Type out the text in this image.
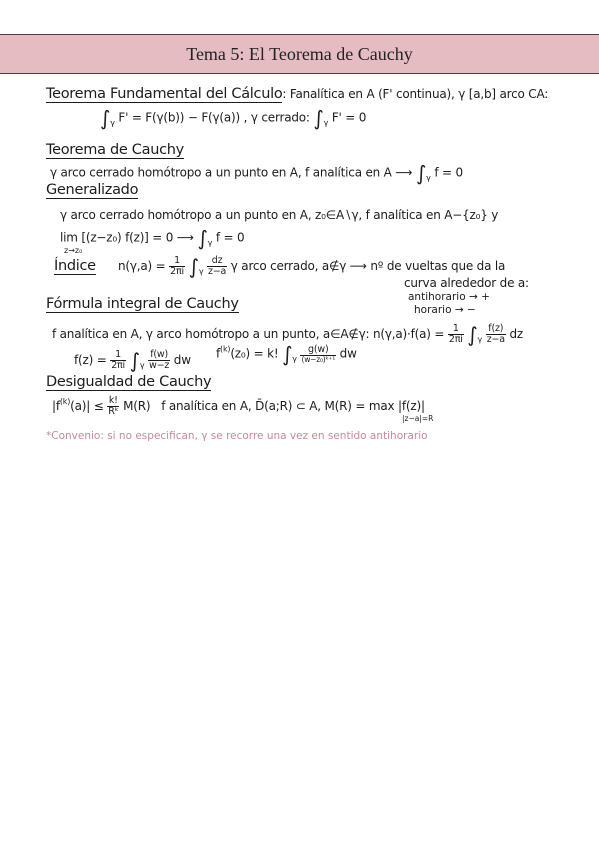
Tema 5: El Teorema de Cauchy
Teorema Fundamental del Cálculo: Fanalítica en A (F' continua), γ [a,b] arco CA:
$\int_\gamma$ F' = F(γ(b)) − F(γ(a)) , γ cerrado: $\int_\gamma$ F' = 0
Teorema de Cauchy
γ arco cerrado homótropo a un punto en A, f analítica en A ⟶ $\int_\gamma$ f = 0
Generalizado
γ arco cerrado homótropo a un punto en A, z₀∈A∖γ, f analítica en A−{z₀} y
lim [(z−z₀) f(z)] = 0 ⟶ $\int_\gamma$ f = 0
z→z₀
Índice $n(\gamma,a) = \frac{1}{2\pi i} \int_\gamma \frac{dz}{z-a}$ γ arco cerrado, a∉γ ⟶ nº de vueltas que da la
curva alrededor de a:
antihorario → +
horario → −
Fórmula integral de Cauchy
f analítica en A, γ arco homótropo a un punto, a∈A∉γ: $n(\gamma,a)\cdot f(a) = \frac{1}{2\pi i} \int_\gamma \frac{f(z)}{z-a}$ dz
$f(z) = \frac{1}{2\pi i} \int_\gamma \frac{f(w)}{w-z}$ dw $f^{(k)}(z_0) = k$! $\int_\gamma \frac{g(w)}{\text{(w−z₀)ᵏ⁺¹}}$ dw
Desigualdad de Cauchy
$|f^{(k)}(a)| \le \frac{k!}{\text{Rᵏ}} M(R)$ f analítica en A, D̄(a;R) ⊂ A, M(R) = max |f(z)|
|z−a|=R
*Convenio: si no especifican, γ se recorre una vez en sentido antihorario
